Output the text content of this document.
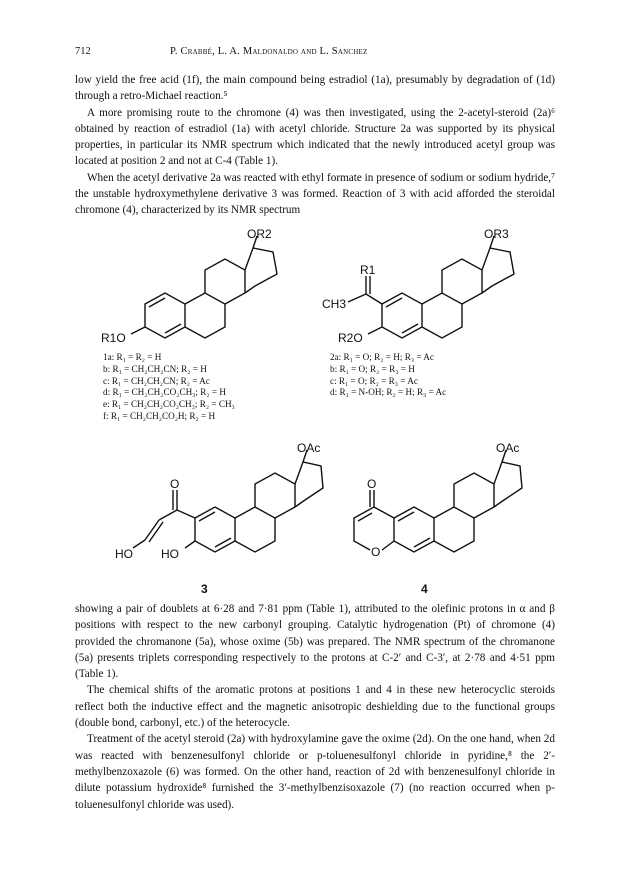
712	P. Crabbé, L. A. Maldonaldo and L. Sanchez

low yield the free acid (1f), the main compound being estradiol (1a), presumably by degradation of (1d) through a retro-Michael reaction.⁵

A more promising route to the chromone (4) was then investigated, using the 2-acetyl-steroid (2a)⁶ obtained by reaction of estradiol (1a) with acetyl chloride. Structure 2a was supported by its physical properties, in particular its NMR spectrum which indicated that the newly introduced acetyl group was located at position 2 and not at C-4 (Table 1).

When the acetyl derivative 2a was reacted with ethyl formate in presence of sodium or sodium hydride,⁷ the unstable hydroxymethylene derivative 3 was formed. Reaction of 3 with acid afforded the steroidal chromone (4), characterized by its NMR spectrum

OR2
R1O
OR3
R1
CH3
R2O
1a: R₁ = R₂ = H
b: R₁ = CH₂CH₂CN; R₂ = H
c: R₁ = CH₂CH₂CN; R₂ = Ac
d: R₁ = CH₂CH₂CO₂CH₃; R₂ = H
e: R₁ = CH₂CH₂CO₂CH₃; R₂ = CH₃
f: R₁ = CH₂CH₂CO₂H; R₂ = H
2a: R₁ = O; R₂ = H; R₃ = Ac
b: R₁ = O; R₂ = R₃ = H
c: R₁ = O; R₂ = R₃ = Ac
d: R₁ = N-OH; R₂ = H; R₃ = Ac
OAc
O
HO HO
OAc
O
O
3	4

showing a pair of doublets at 6·28 and 7·81 ppm (Table 1), attributed to the olefinic protons in α and β positions with respect to the new carbonyl grouping. Catalytic hydrogenation (Pt) of chromone (4) provided the chromanone (5a), whose oxime (5b) was prepared. The NMR spectrum of the chromanone (5a) presents triplets corresponding respectively to the protons at C-2′ and C-3′, at 2·78 and 4·51 ppm (Table 1).

The chemical shifts of the aromatic protons at positions 1 and 4 in these new heterocyclic steroids reflect both the inductive effect and the magnetic anisotropic deshielding due to the functional groups (double bond, carbonyl, etc.) of the heterocycle.

Treatment of the acetyl steroid (2a) with hydroxylamine gave the oxime (2d). On the one hand, when 2d was reacted with benzenesulfonyl chloride or p-toluenesulfonyl chloride in pyridine,⁸ the 2′-methylbenzoxazole (6) was formed. On the other hand, reaction of 2d with benzenesulfonyl chloride in dilute potassium hydroxide⁸ furnished the 3′-methylbenzisoxazole (7) (no reaction occurred when p-toluenesulfonyl chloride was used).
